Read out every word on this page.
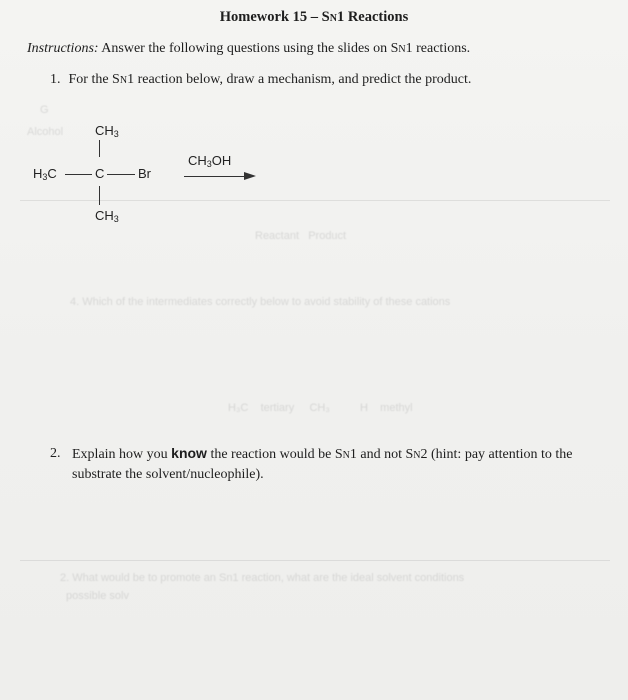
Alcohol
G
Reactant   Product
4. Which of the intermediates correctly below to avoid stability of these cations
H₃C    tertiary     CH₃	H    methyl
2. What would be to promote an Sn1 reaction, what are the ideal solvent conditions
possible solv
Homework 15 – SN1 Reactions
Instructions: Answer the following questions using the slides on SN1 reactions.
1. For the SN1 reaction below, draw a mechanism, and predict the product.
CH3
H3C	C	Br
CH3
CH3OH
2. Explain how you know the reaction would be SN1 and not SN2 (hint: pay attention to the substrate the solvent/nucleophile).
